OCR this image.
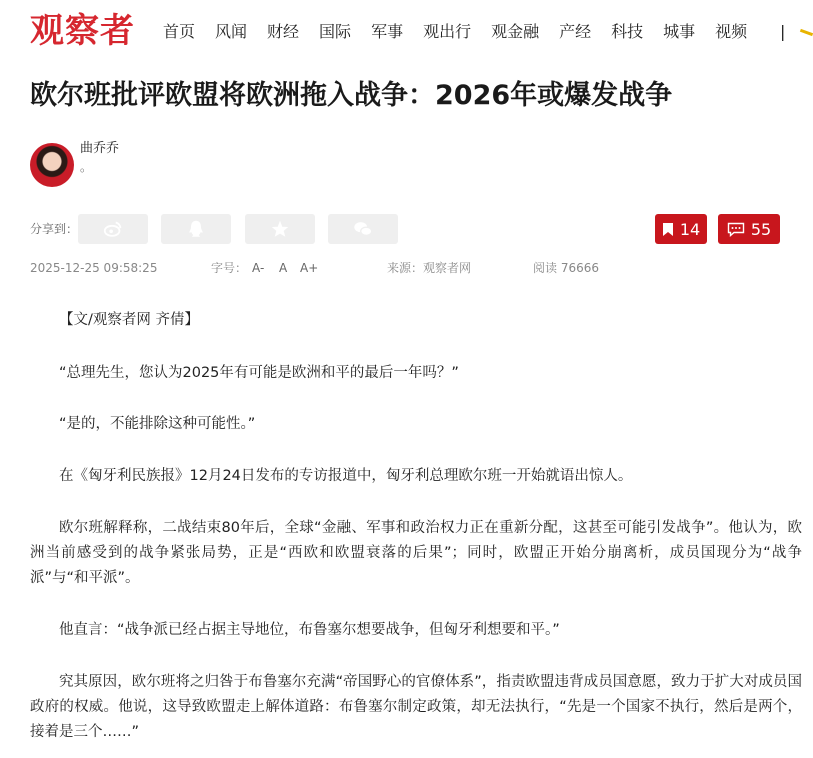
观察者 首页 风闻 财经 国际 军事 观出行 观金融 产经 科技 城事 视频 |
欧尔班批评欧盟将欧洲拖入战争：2026年或爆发战争
曲乔乔
。
分享到：	14	55
2025-12-25 09:58:25	字号： A- A A+	来源：观察者网	阅读 76666

【文/观察者网 齐倩】

“总理先生，您认为2025年有可能是欧洲和平的最后一年吗？”

“是的，不能排除这种可能性。”

在《匈牙利民族报》12月24日发布的专访报道中，匈牙利总理欧尔班一开始就语出惊人。

欧尔班解释称，二战结束80年后，全球“金融、军事和政治权力正在重新分配，这甚至可能引发战争”。他认为，欧洲当前感受到的战争紧张局势，正是“西欧和欧盟衰落的后果”；同时，欧盟正开始分崩离析，成员国现分为“战争派”与“和平派”。

他直言：“战争派已经占据主导地位，布鲁塞尔想要战争，但匈牙利想要和平。”

究其原因，欧尔班将之归咎于布鲁塞尔充满“帝国野心的官僚体系”，指责欧盟违背成员国意愿，致力于扩大对成员国政府的权威。他说，这导致欧盟走上解体道路：布鲁塞尔制定政策，却无法执行，“先是一个国家不执行，然后是两个，接着是三个……”
